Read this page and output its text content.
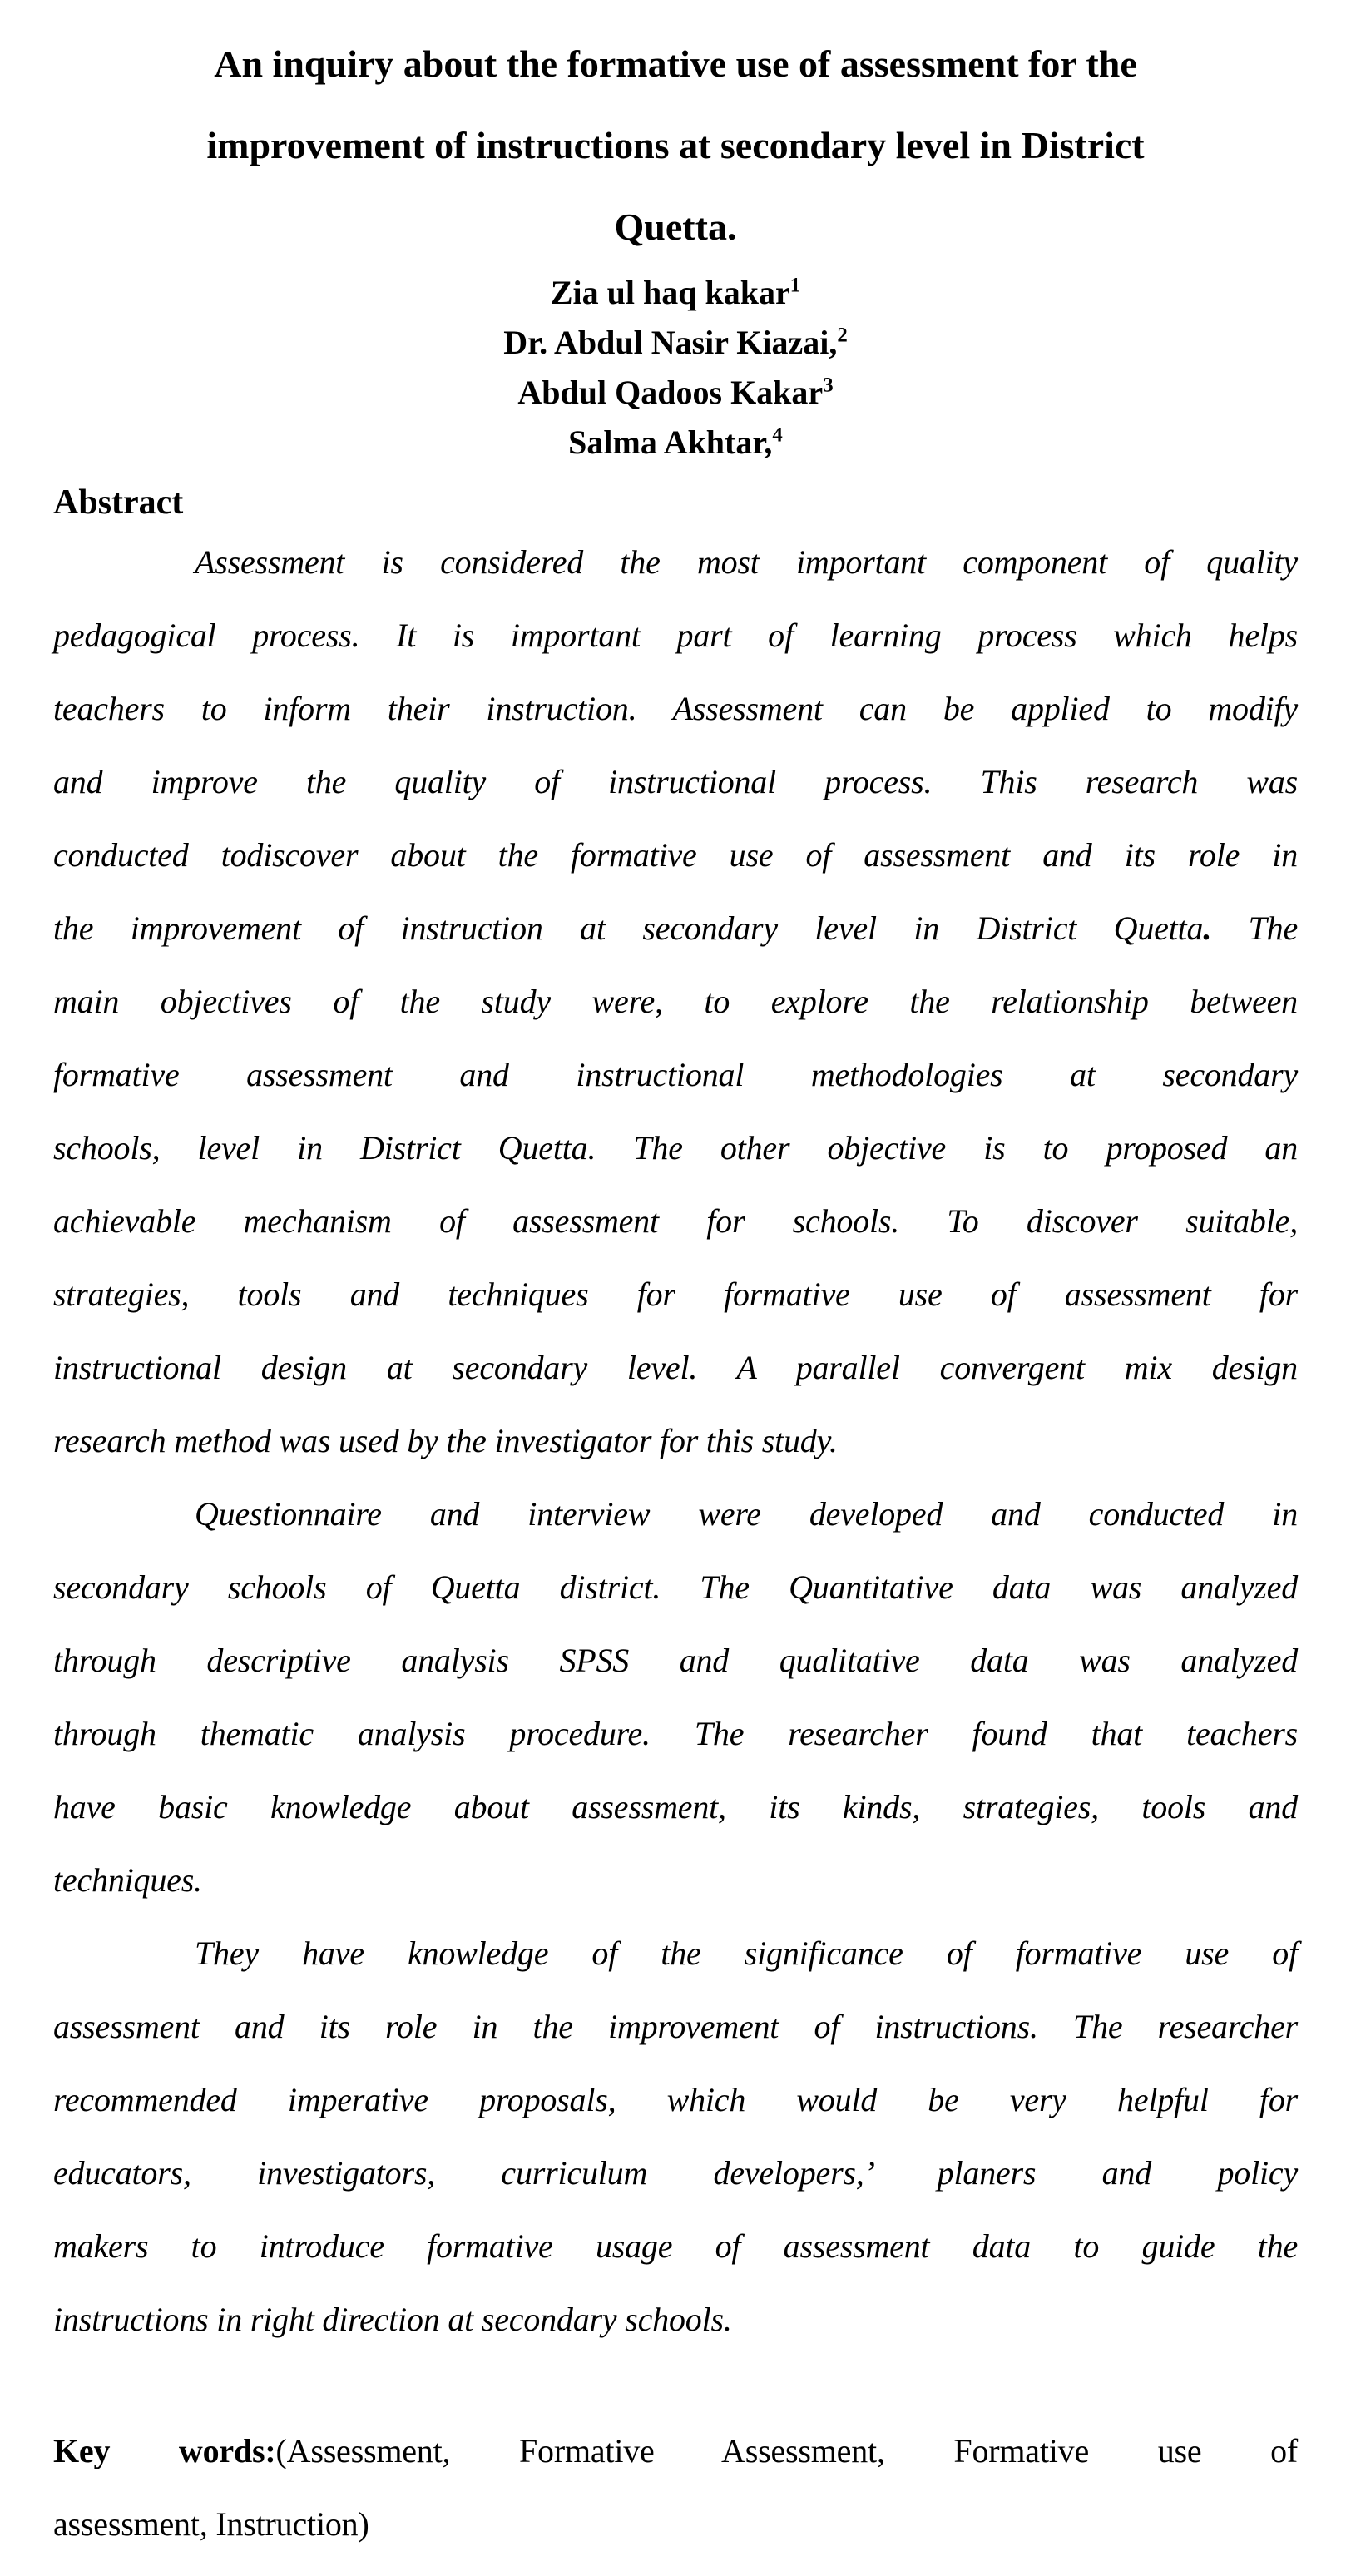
An inquiry about the formative use of assessment for the
improvement of instructions at secondary level in District
Quetta.
Zia ul haq kakar$^1$
Dr. Abdul Nasir Kiazai,$^2$
Abdul Qadoos Kakar$^3$
Salma Akhtar,$^4$
Abstract
Assessment is considered the most important component of quality
pedagogical process. It is important part of learning process which helps
teachers to inform their instruction. Assessment can be applied to modify
and improve the quality of instructional process. This research was
conducted todiscover about the formative use of assessment and its role in
the improvement of instruction at secondary level in District Quetta. The
main objectives of the study were, to explore the relationship between
formative assessment and instructional methodologies at secondary
schools, level in District Quetta. The other objective is to proposed an
achievable mechanism of assessment for schools. To discover suitable,
strategies, tools and techniques for formative use of assessment for
instructional design at secondary level. A parallel convergent mix design
research method was used by the investigator for this study.
Questionnaire and interview were developed and conducted in
secondary schools of Quetta district. The Quantitative data was analyzed
through descriptive analysis SPSS and qualitative data was analyzed
through thematic analysis procedure. The researcher found that teachers
have basic knowledge about assessment, its kinds, strategies, tools and
techniques.
They have knowledge of the significance of formative use of
assessment and its role in the improvement of instructions. The researcher
recommended imperative proposals, which would be very helpful for
educators, investigators, curriculum developers,’ planers and policy
makers to introduce formative usage of assessment data to guide the
instructions in right direction at secondary schools.
Key words:(Assessment, Formative Assessment, Formative use of
assessment, Instruction)
